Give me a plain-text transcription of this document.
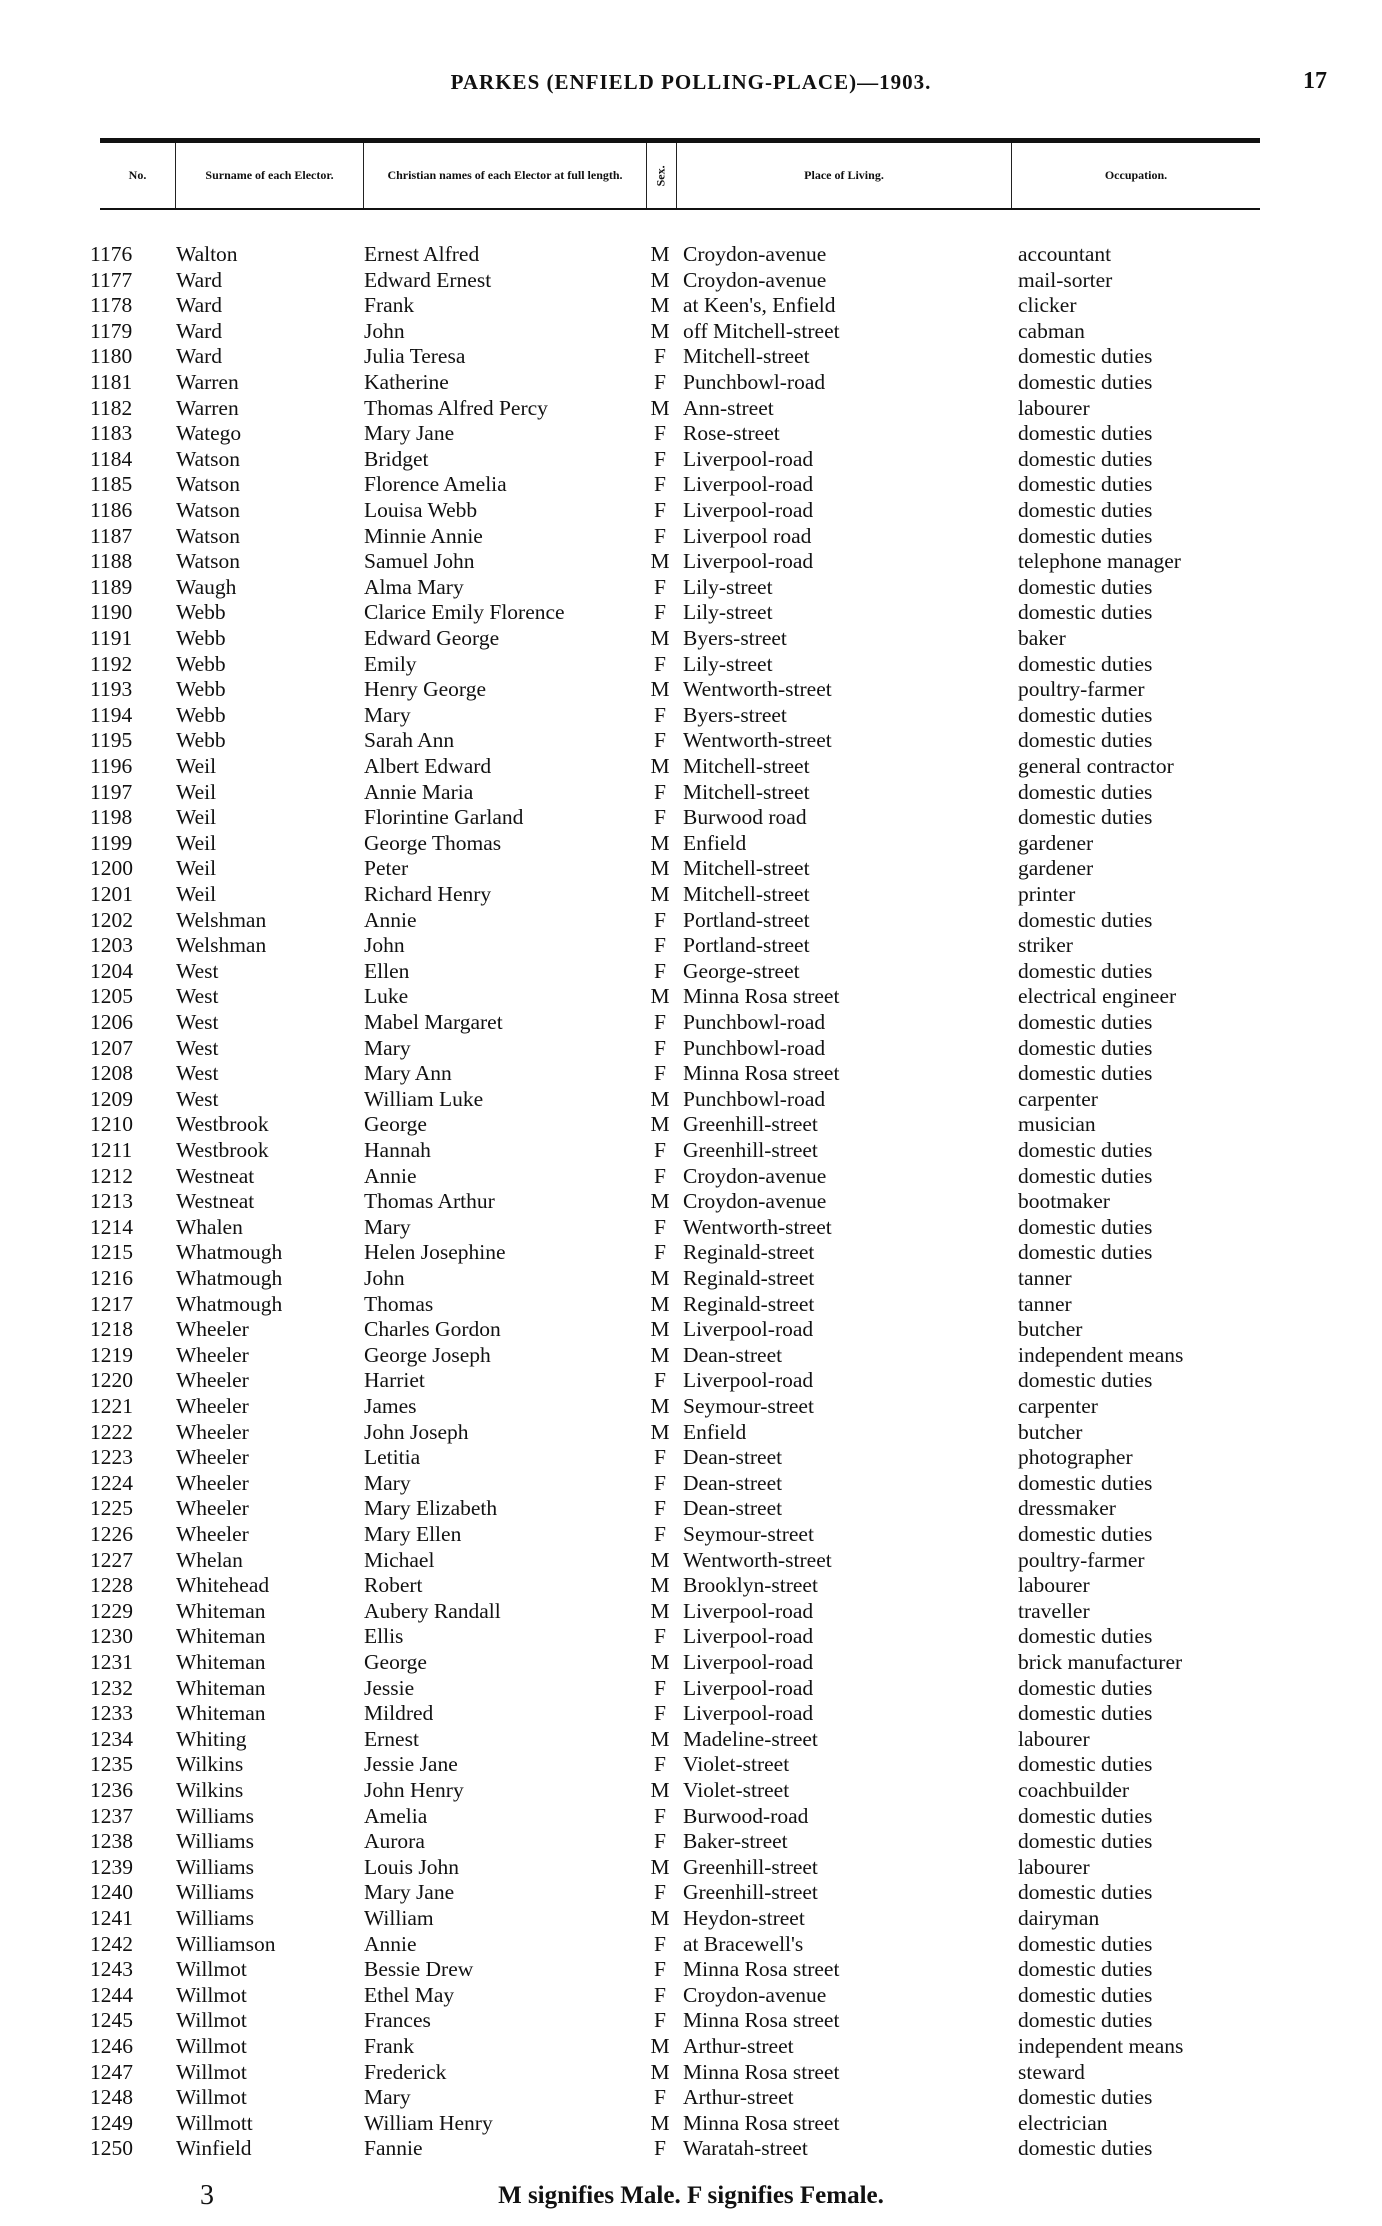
PARKES (ENFIELD POLLING-PLACE)—1903.	17
No.	Surname of each Elector.	Christian names of each Elector at full length.	Sex.	Place of Living.	Occupation.
1176	Walton	Ernest Alfred	M Croydon-avenue	accountant
1177	Ward	Edward Ernest	M Croydon-avenue	mail-sorter
1178	Ward	Frank	M at Keen's, Enfield	clicker
1179	Ward	John	M off Mitchell-street	cabman
1180	Ward	Julia Teresa	F Mitchell-street	domestic duties
1181	Warren	Katherine	F Punchbowl-road	domestic duties
1182	Warren	Thomas Alfred Percy	M Ann-street	labourer
1183	Watego	Mary Jane	F Rose-street	domestic duties
1184	Watson	Bridget	F Liverpool-road	domestic duties
1185	Watson	Florence Amelia	F Liverpool-road	domestic duties
1186	Watson	Louisa Webb	F Liverpool-road	domestic duties
1187	Watson	Minnie Annie	F Liverpool road	domestic duties
1188	Watson	Samuel John	M Liverpool-road	telephone manager
1189	Waugh	Alma Mary	F Lily-street	domestic duties
1190	Webb	Clarice Emily Florence	F Lily-street	domestic duties
1191	Webb	Edward George	M Byers-street	baker
1192	Webb	Emily	F Lily-street	domestic duties
1193	Webb	Henry George	M Wentworth-street	poultry-farmer
1194	Webb	Mary	F Byers-street	domestic duties
1195	Webb	Sarah Ann	F Wentworth-street	domestic duties
1196	Weil	Albert Edward	M Mitchell-street	general contractor
1197	Weil	Annie Maria	F Mitchell-street	domestic duties
1198	Weil	Florintine Garland	F Burwood road	domestic duties
1199	Weil	George Thomas	M Enfield	gardener
1200	Weil	Peter	M Mitchell-street	gardener
1201	Weil	Richard Henry	M Mitchell-street	printer
1202	Welshman	Annie	F Portland-street	domestic duties
1203	Welshman	John	F Portland-street	striker
1204	West	Ellen	F George-street	domestic duties
1205	West	Luke	M Minna Rosa street	electrical engineer
1206	West	Mabel Margaret	F Punchbowl-road	domestic duties
1207	West	Mary	F Punchbowl-road	domestic duties
1208	West	Mary Ann	F Minna Rosa street	domestic duties
1209	West	William Luke	M Punchbowl-road	carpenter
1210	Westbrook	George	M Greenhill-street	musician
1211	Westbrook	Hannah	F Greenhill-street	domestic duties
1212	Westneat	Annie	F Croydon-avenue	domestic duties
1213	Westneat	Thomas Arthur	M Croydon-avenue	bootmaker
1214	Whalen	Mary	F Wentworth-street	domestic duties
1215	Whatmough	Helen Josephine	F Reginald-street	domestic duties
1216	Whatmough	John	M Reginald-street	tanner
1217	Whatmough	Thomas	M Reginald-street	tanner
1218	Wheeler	Charles Gordon	M Liverpool-road	butcher
1219	Wheeler	George Joseph	M Dean-street	independent means
1220	Wheeler	Harriet	F Liverpool-road	domestic duties
1221	Wheeler	James	M Seymour-street	carpenter
1222	Wheeler	John Joseph	M Enfield	butcher
1223	Wheeler	Letitia	F Dean-street	photographer
1224	Wheeler	Mary	F Dean-street	domestic duties
1225	Wheeler	Mary Elizabeth	F Dean-street	dressmaker
1226	Wheeler	Mary Ellen	F Seymour-street	domestic duties
1227	Whelan	Michael	M Wentworth-street	poultry-farmer
1228	Whitehead	Robert	M Brooklyn-street	labourer
1229	Whiteman	Aubery Randall	M Liverpool-road	traveller
1230	Whiteman	Ellis	F Liverpool-road	domestic duties
1231	Whiteman	George	M Liverpool-road	brick manufacturer
1232	Whiteman	Jessie	F Liverpool-road	domestic duties
1233	Whiteman	Mildred	F Liverpool-road	domestic duties
1234	Whiting	Ernest	M Madeline-street	labourer
1235	Wilkins	Jessie Jane	F Violet-street	domestic duties
1236	Wilkins	John Henry	M Violet-street	coachbuilder
1237	Williams	Amelia	F Burwood-road	domestic duties
1238	Williams	Aurora	F Baker-street	domestic duties
1239	Williams	Louis John	M Greenhill-street	labourer
1240	Williams	Mary Jane	F Greenhill-street	domestic duties
1241	Williams	William	M Heydon-street	dairyman
1242	Williamson	Annie	F at Bracewell's	domestic duties
1243	Willmot	Bessie Drew	F Minna Rosa street	domestic duties
1244	Willmot	Ethel May	F Croydon-avenue	domestic duties
1245	Willmot	Frances	F Minna Rosa street	domestic duties
1246	Willmot	Frank	M Arthur-street	independent means
1247	Willmot	Frederick	M Minna Rosa street	steward
1248	Willmot	Mary	F Arthur-street	domestic duties
1249	Willmott	William Henry	M Minna Rosa street	electrician
1250	Winfield	Fannie	F Waratah-street	domestic duties
3	M signifies Male. F signifies Female.
